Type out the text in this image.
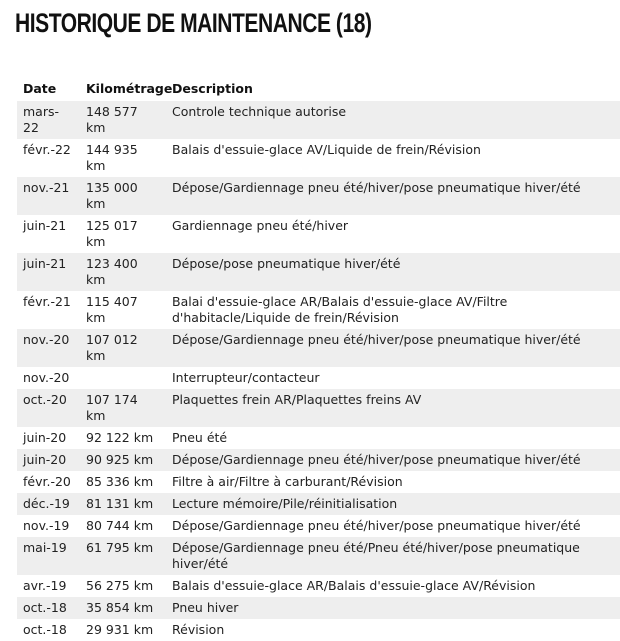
HISTORIQUE DE MAINTENANCE (18)
Date	Kilométrage	Description
mars-22	148 577 km	Controle technique autorise
févr.-22	144 935 km	Balais d'essuie-glace AV/Liquide de frein/Révision
nov.-21	135 000 km	Dépose/Gardiennage pneu été/hiver/pose pneumatique hiver/été
juin-21	125 017 km	Gardiennage pneu été/hiver
juin-21	123 400 km	Dépose/pose pneumatique hiver/été
févr.-21	115 407 km	Balai d'essuie-glace AR/Balais d'essuie-glace AV/Filtre d'habitacle/Liquide de frein/Révision
nov.-20	107 012 km	Dépose/Gardiennage pneu été/hiver/pose pneumatique hiver/été
nov.-20		Interrupteur/contacteur
oct.-20	107 174 km	Plaquettes frein AR/Plaquettes freins AV
juin-20	92 122 km	Pneu été
juin-20	90 925 km	Dépose/Gardiennage pneu été/hiver/pose pneumatique hiver/été
févr.-20	85 336 km	Filtre à air/Filtre à carburant/Révision
déc.-19	81 131 km	Lecture mémoire/Pile/réinitialisation
nov.-19	80 744 km	Dépose/Gardiennage pneu été/hiver/pose pneumatique hiver/été
mai-19	61 795 km	Dépose/Gardiennage pneu été/Pneu été/hiver/pose pneumatique hiver/été
avr.-19	56 275 km	Balais d'essuie-glace AR/Balais d'essuie-glace AV/Révision
oct.-18	35 854 km	Pneu hiver
oct.-18	29 931 km	Révision
